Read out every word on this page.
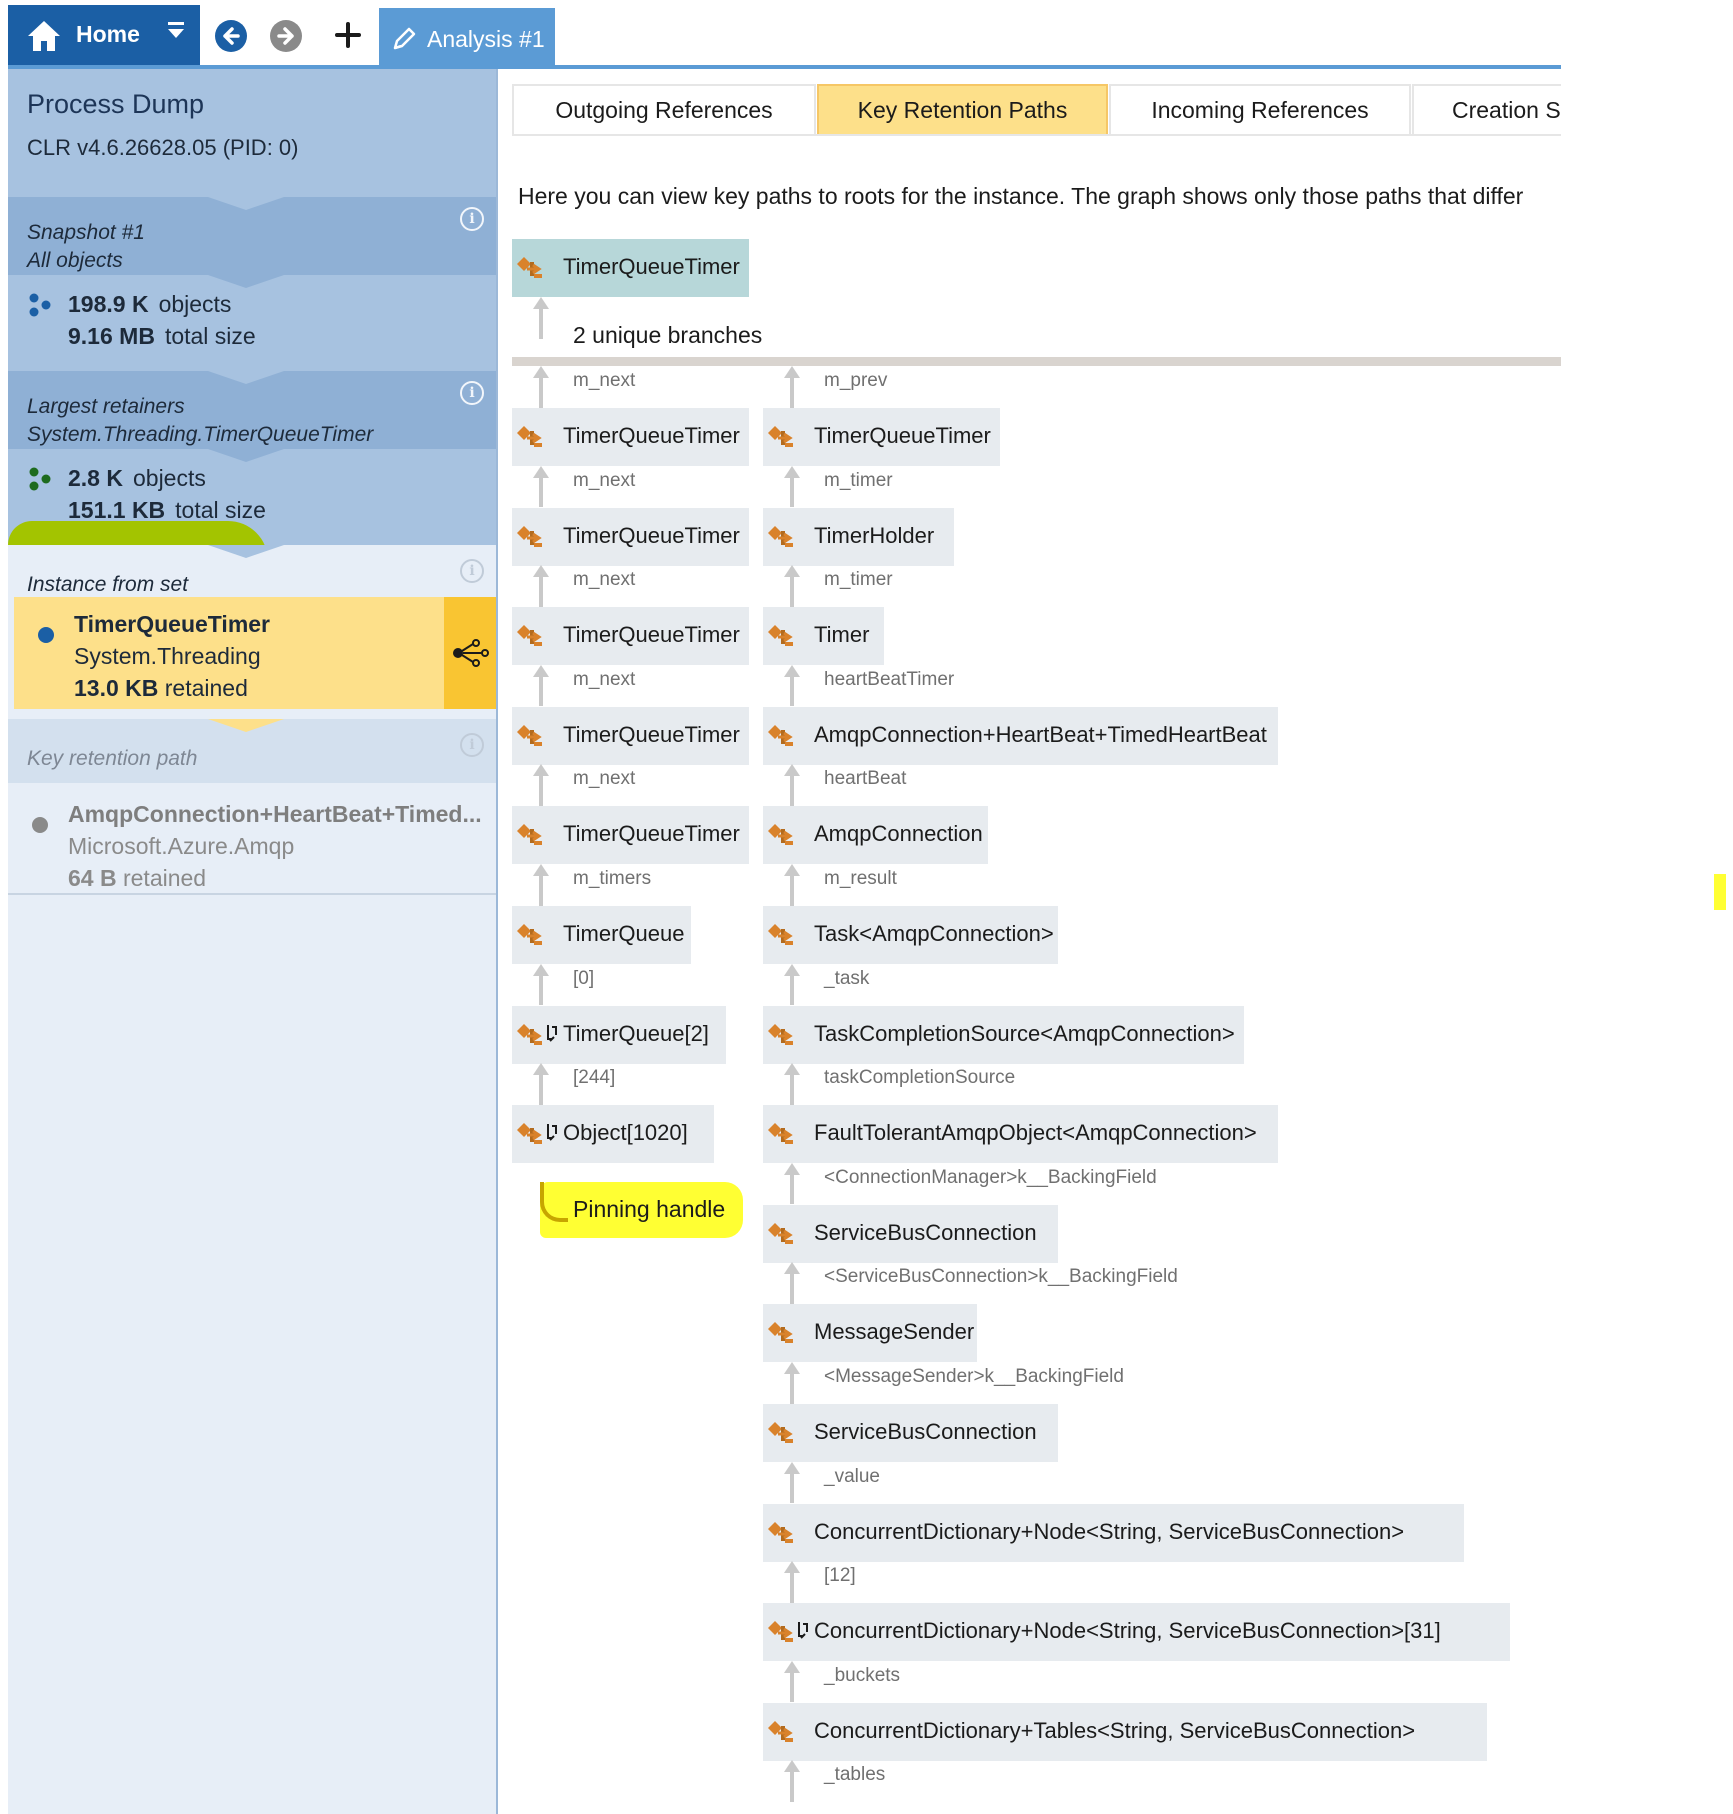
Home	Analysis #1
Process Dump
CLR v4.6.26628.05 (PID: 0)
Snapshot #1
All objects
i
198.9 K objects
9.16 MB total size
Largest retainers
System.Threading.TimerQueueTimer
i
2.8 K objects
151.1 KB total size
Instance from set
i
TimerQueueTimer
System.Threading
13.0 KB retained
Key retention path
i
AmqpConnection+HeartBeat+Timed...
Microsoft.Azure.Amqp
64 B retained
Outgoing References	Key Retention Paths	Incoming References	Creation S
Here you can view key paths to roots for the instance. The graph shows only those paths that differ
TimerQueueTimer
2 unique branches
m_next
TimerQueueTimer
m_next
TimerQueueTimer
m_next
TimerQueueTimer
m_next
TimerQueueTimer
m_next
TimerQueueTimer
m_timers
TimerQueue
[0]
TimerQueue[2]
[244]
Object[1020]
Pinning handle
m_prev
TimerQueueTimer
m_timer
TimerHolder
m_timer
Timer
heartBeatTimer
AmqpConnection+HeartBeat+TimedHeartBeat
heartBeat
AmqpConnection
m_result
Task<AmqpConnection>
_task
TaskCompletionSource<AmqpConnection>
taskCompletionSource
FaultTolerantAmqpObject<AmqpConnection>
<ConnectionManager>k__BackingField
ServiceBusConnection
<ServiceBusConnection>k__BackingField
MessageSender
<MessageSender>k__BackingField
ServiceBusConnection
_value
ConcurrentDictionary+Node<String, ServiceBusConnection>
[12]
ConcurrentDictionary+Node<String, ServiceBusConnection>[31]
_buckets
ConcurrentDictionary+Tables<String, ServiceBusConnection>
_tables
